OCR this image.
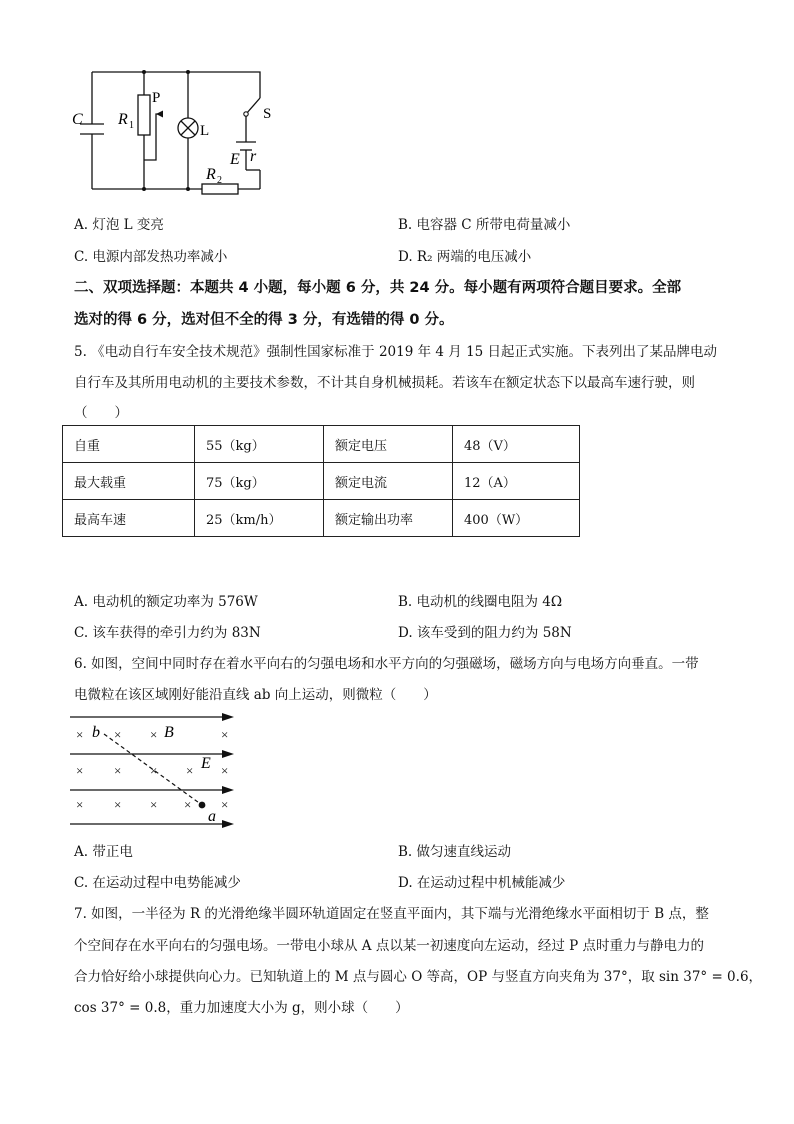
C R 1
P
L
S
E r
R 2
A. 灯泡 L 变亮	B. 电容器 C 所带电荷量减小
C. 电源内部发热功率减小	D. R₂ 两端的电压减小
二、双项选择题：本题共 4 小题，每小题 6 分，共 24 分。每小题有两项符合题目要求。全部
选对的得 6 分，选对但不全的得 3 分，有选错的得 0 分。
5. 《电动自行车安全技术规范》强制性国家标准于 2019 年 4 月 15 日起正式实施。下表列出了某品牌电动
自行车及其所用电动机的主要技术参数，不计其自身机械损耗。若该车在额定状态下以最高车速行驶，则
（　　）
自重	55（kg）	额定电压	48（V）
最大载重	75（kg）	额定电流	12（A）
最高车速	25（km/h）	额定输出功率	400（W）
A. 电动机的额定功率为 576W	B. 电动机的线圈电阻为 4Ω
C. 该车获得的牵引力约为 83N	D. 该车受到的阻力约为 58N
6. 如图，空间中同时存在着水平向右的匀强电场和水平方向的匀强磁场，磁场方向与电场方向垂直。一带
电微粒在该区域刚好能沿直线 ab 向上运动，则微粒（　　）
× × ×	×
× × × × ×
× × × × ×
b	B
E
a
A. 带正电	B. 做匀速直线运动
C. 在运动过程中电势能减少	D. 在运动过程中机械能减少
7. 如图，一半径为 R 的光滑绝缘半圆环轨道固定在竖直平面内，其下端与光滑绝缘水平面相切于 B 点，整
个空间存在水平向右的匀强电场。一带电小球从 A 点以某一初速度向左运动，经过 P 点时重力与静电力的
合力恰好给小球提供向心力。已知轨道上的 M 点与圆心 O 等高，OP 与竖直方向夹角为 37°，取 sin 37° = 0.6，
cos 37° = 0.8，重力加速度大小为 g，则小球（　　）
